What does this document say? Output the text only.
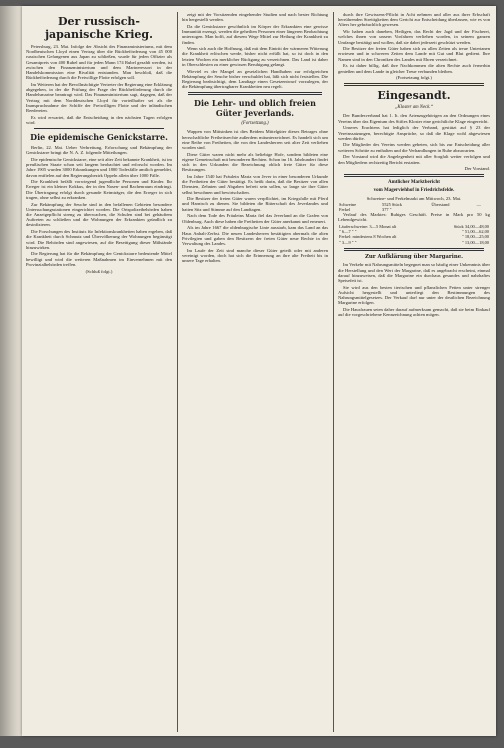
Der russisch-japanische Krieg.

Petersburg, 23. Mai. Infolge der Absicht des Finanzministeriums, mit dem Nordbeutschen Lloyd einen Vertrag über die Rückbeförderung von 45 000 russischen Gefangenen aus Japan zu schließen, wurde für jeden Offizier als Gesamtpreis von 400 Rubel und für jeden Mann 174 Rubel gezahlt werden, ist zwischen den Finanzministerium und dem Marineressort in der Handelskommission eine Rivalität entstanden. Man beschloß, daß die Rückbeförderung durch die Freiwillige Flotte erfolgen soll.

Im Weiteren hat der Bevollmächtigte Vertreter der Regierung eine Erklärung abgegeben, in der die Prüfung der Frage der Rückbeförderung durch die Handelsmarine beantragt wird. Das Finanzministerium sagt, dagegen, daß der Vertrag mit dem Norddeutschen Lloyd für vorteilhafter sei als die Inanspruchnahme der Schiffe der Freiwilligen Flotte und der inländischen Reedereien.

Es wird erwartet, daß die Entscheidung in den nächsten Tagen erfolgen wird.

Die epidemische Genickstarre.

Berlin, 22. Mai. Ueber Verbreitung, Erforschung und Bekämpfung der Genickstarre bringt die N. A. Z. folgende Mitteilungen.

Die epidemische Genickstarre, eine seit alter Zeit bekannte Krankheit, ist im preußischen Staate schon seit langem beobachtet und erforscht worden. Im Jahre 1905 wurden 3000 Erkrankungen und 1800 Todesfälle amtlich gemeldet, davon entfielen auf den Regierungsbezirk Oppeln allein über 1000 Fälle.

Die Krankheit befällt vorwiegend jugendliche Personen und Kinder. Ihr Erreger ist ein kleiner Kokkus, der in den Nasen- und Rachenraum eindringt. Die Übertragung erfolgt durch gesunde Keimträger, die den Erreger in sich tragen, ohne selbst zu erkranken.

Zur Bekämpfung der Seuche sind in den befallenen Gebieten besondere Untersuchungsstationen eingerichtet worden. Die Ortspolizeibehörden haben die Anzeigepflicht streng zu überwachen, die Schulen sind bei gehäuftem Auftreten zu schließen und die Wohnungen der Erkrankten gründlich zu desinfizieren.

Die Forschungen des Instituts für Infektionskrankheiten haben ergeben, daß die Krankheit durch Schmutz und Übervölkerung der Wohnungen begünstigt wird. Die Behörden sind angewiesen, auf die Beseitigung dieser Mißstände hinzuwirken.

Die Regierung hat für die Bekämpfung der Genickstarre bedeutende Mittel bewilligt und wird die weiteren Maßnahmen im Einvernehmen mit den Provinzialbehörden treffen.

(Schluß folgt.)

zeigt mit der Vorsitzenden eingehender Studien und nach bester Richtung hin hergestellt werden.

Da die Genickstarre gewöhnlich im Körper der Erkrankten eine gewisse Immunität erzeugt, werden die geheilten Personen einer längeren Beobachtung unterzogen. Man hofft, auf diesem Wege Mittel zur Heilung der Krankheit zu finden.

Wenn sich auch die Hoffnung, daß mit dem Eintritt der wärmeren Witterung die Krankheit erlöschen werde, bisher nicht erfüllt hat, so ist doch in den letzten Wochen ein merklicher Rückgang zu verzeichnen. Das Land ist daher in Oberschlesien zu einer gewissen Beruhigung gelangt.

Wieviel es der Mangel an gesetzlichen Handhaben zur erfolgreichen Bekämpfung der Seuche bisher verschuldet hat, läßt sich nicht feststellen. Die Regierung beabsichtigt, dem Landtage einen Gesetzentwurf vorzulegen, der die Bekämpfung übertragbarer Krankheiten neu regelt.

Die Lehr- und oblich freien Güter Jeverlands.
(Fortsetzung.)

Wappen von Mittsinken ist dies Beidem Mittelgüter dieses Betrages ohne herrschaftliche Freiheitsrechte außerdem mitunterzeichnet. Es handelt sich um eine Reihe von Freiheiten, die von den Landesherren seit alter Zeit verliehen worden sind.

Diese Güter waren nicht mehr als beliebige Hofe, sondern bildeten eine eigene Gemeinschaft mit besonderen Rechten. Schon im 16. Jahrhundert findet sich in den Urkunden die Bezeichnung oblich freie Güter für diese Besitzungen.

Im Jahre 1540 hat Fräulein Maria von Jever in einer besonderen Urkunde die Freiheiten der Güter bestätigt. Es heißt darin, daß die Besitzer von allen Diensten, Zehnten und Abgaben befreit sein sollen, so lange sie ihre Güter selbst bewohnen und bewirtschaften.

Die Besitzer der freien Güter waren verpflichtet, im Kriegsfalle mit Pferd und Harnisch zu dienen. Sie bildeten die Ritterschaft des Jeverlandes und hatten Sitz und Stimme auf den Landtagen.

Nach dem Tode des Fräuleins Maria fiel das Jeverland an die Grafen von Oldenburg. Auch diese haben die Freiheiten der Güter anerkannt und erneuert.

Als im Jahre 1667 die oldenburgische Linie ausstarb, kam das Land an das Haus Anhalt-Zerbst. Die neuen Landesherren bestätigten abermals die alten Privilegien und gaben den Besitzern der freien Güter neue Rechte in der Verwaltung des Landes.

Im Laufe der Zeit sind manche dieser Güter geteilt oder mit anderen vereinigt worden, doch hat sich die Erinnerung an ihre alte Freiheit bis in unsere Tage erhalten.

durch ihre Gewissens-Pflicht in Acht nehmen und aller aus ihrer Erbschaft herrührenden Streitigkeiten dem Gericht zur Entscheidung überlassen, wie es von Alters her gebräuchlich gewesen.

Wir haben auch daneben, Heiligen, das Recht der Jagd und der Fischerei, welches ihnen von unsern Vorfahren verliehen worden, in seinem ganzen Umfange bestätigt und wollen, daß sie dabei jederzeit geschützt werden.

Die Besitzer der freien Güter haben sich zu allen Zeiten als treue Untertanen erwiesen und in schweren Zeiten dem Lande mit Gut und Blut gedient. Ihre Namen sind in den Chroniken des Landes mit Ehren verzeichnet.

Es ist daher billig, daß ihre Nachkommen die alten Rechte auch fernerhin genießen und dem Lande in gleicher Treue verbunden bleiben.

(Fortsetzung folgt.)
Eingesandt.
„Kloster am Neck.“

Der Bundesverband hat 1. It. den Artenzugehörigen an den Ordnungen eines Vereins über das Eigentum des Stiftes Kloster eine gerichtliche Klage eingereicht.

Unseres Erachtens hat lediglich der Verband, gestützt auf § 23 der Vereinssatzungen, berechtigte Ansprüche, so daß die Klage wohl abgewiesen werden dürfte.

Die Mitglieder des Vereins werden gebeten, sich bis zur Entscheidung aller weiteren Schritte zu enthalten und die Verhandlungen in Ruhe abzuwarten.

Der Vorstand wird die Angelegenheit mit aller Sorgfalt weiter verfolgen und den Mitgliedern rechtzeitig Bericht erstatten.

Der Vorstand.
Amtlicher Marktbericht
vom Magerviehhof in Friedrichsfelde.
Schweine- und Ferkelmarkt am Mittwoch, 23. Mai.
Schweine	5525 Stück	Überstand	—
Ferkel	377 ″		

Verlauf des Marktes: Ruhiges Geschäft. Preise in Mark pro 50 kg Lebendgewicht.

Läuferschweine: 3—5 Monat alt	Stück 34,00—48,00
″ 6—7 ″ ″	″ 51,00—62,00
Ferkel: mindestens 8 Wochen alt	″ 18,00—25,00
″ 3—9 ″ ″	″ 13,00—18,00
Zur Aufklärung über Margarine.

Im Verkehr mit Nahrungsmitteln begegnet man so häufig einer Unkenntnis über die Herstellung und den Wert der Margarine, daß es angebracht erscheint, einmal darauf hinzuweisen, daß die Margarine ein durchaus gesundes und nahrhaftes Speisefett ist.

Sie wird aus den besten tierischen und pflanzlichen Fetten unter strenger Aufsicht hergestellt und unterliegt den Bestimmungen des Nahrungsmittelgesetzes. Der Verkauf darf nur unter der deutlichen Bezeichnung Margarine erfolgen.

Die Hausfrauen seien daher darauf aufmerksam gemacht, daß sie beim Einkauf auf die vorgeschriebene Kennzeichnung achten mögen.
